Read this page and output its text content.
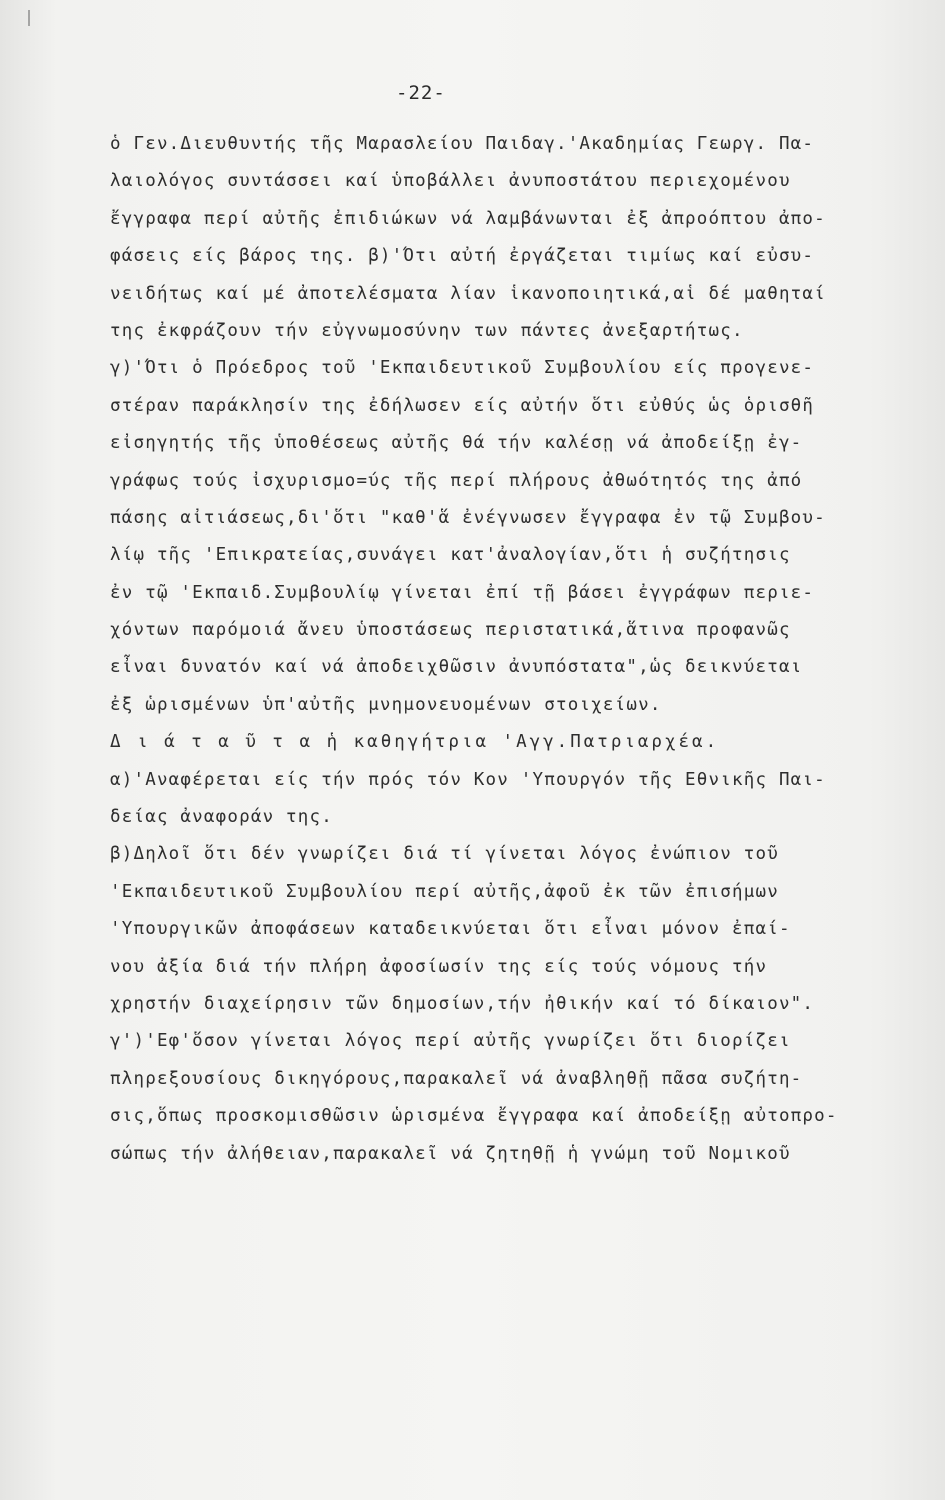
-22-
ὁ Γεν.Διευθυντής τῆς Μαρασλείου Παιδαγ.'Ακαδημίας Γεωργ. Πα-
λαιολόγος συντάσσει καί ὑποβάλλει ἀνυποστάτου περιεχομένου
ἔγγραφα περί αὐτῆς ἐπιδιώκων νά λαμβάνωνται ἐξ ἀπροόπτου ἀπο-
φάσεις είς βάρος της. β)'Ότι αὐτή ἐργάζεται τιμίως καί εὐσυ-
νειδήτως καί μέ ἀποτελέσματα λίαν ἱκανοποιητικά,αἱ δέ μαθηταί
της ἐκφράζουν τήν εὐγνωμοσύνην των πάντες ἀνεξαρτήτως.
γ)'Ότι ὁ Πρόεδρος τοῦ 'Εκπαιδευτικοῦ Συμβουλίου είς προγενε-
στέραν παράκλησίν της ἐδήλωσεν είς αὐτήν ὅτι εὐθύς ὡς ὁρισθῆ
εἰσηγητής τῆς ὑποθέσεως αὐτῆς θά τήν καλέσῃ νά ἀποδείξῃ ἐγ-
γράφως τούς ἰσχυρισμο=ύς τῆς περί πλήρους ἀθωότητός της ἀπό
πάσης αἰτιάσεως,δι'ὅτι "καθ'ἅ ἐνέγνωσεν ἔγγραφα ἐν τῷ Συμβου-
λίῳ τῆς 'Επικρατείας,συνάγει κατ'ἀναλογίαν,ὅτι ἡ συζήτησις
ἐν τῷ 'Εκπαιδ.Συμβουλίῳ γίνεται ἐπί τῇ βάσει ἐγγράφων περιε-
χόντων παρόμοιά ἄνευ ὑποστάσεως περιστατικά,ἅτινα προφανῶς
εἶναι δυνατόν καί νά ἀποδειχθῶσιν ἀνυπόστατα",ὡς δεικνύεται
ἐξ ὡρισμένων ὑπ'αὐτῆς μνημονευομένων στοιχείων.
Δ ι ά τ α ῦ τ α ἡ καθηγήτρια 'Αγγ.Πατριαρχέα.
α)'Αναφέρεται είς τήν πρός τόν Κον 'Υπουργόν τῆς Εθνικῆς Παι-
δείας ἀναφοράν της.
β)Δηλοῖ ὅτι δέν γνωρίζει διά τί γίνεται λόγος ἐνώπιον τοῦ
'Εκπαιδευτικοῦ Συμβουλίου περί αὐτῆς,ἀφοῦ ἐκ τῶν ἐπισήμων
'Υπουργικῶν ἀποφάσεων καταδεικνύεται ὅτι εἶναι μόνον ἐπαί-
νου ἀξία διά τήν πλήρη ἀφοσίωσίν της είς τούς νόμους τήν
χρηστήν διαχείρησιν τῶν δημοσίων,τήν ἠθικήν καί τό δίκαιον".
γ')'Εφ'ὅσον γίνεται λόγος περί αὐτῆς γνωρίζει ὅτι διορίζει
πληρεξουσίους δικηγόρους,παρακαλεῖ νά ἀναβληθῇ πᾶσα συζήτη-
σις,ὅπως προσκομισθῶσιν ὡρισμένα ἔγγραφα καί ἀποδείξῃ αὐτοπρο-
σώπως τήν ἀλήθειαν,παρακαλεῖ νά ζητηθῇ ἡ γνώμη τοῦ Νομικοῦ
